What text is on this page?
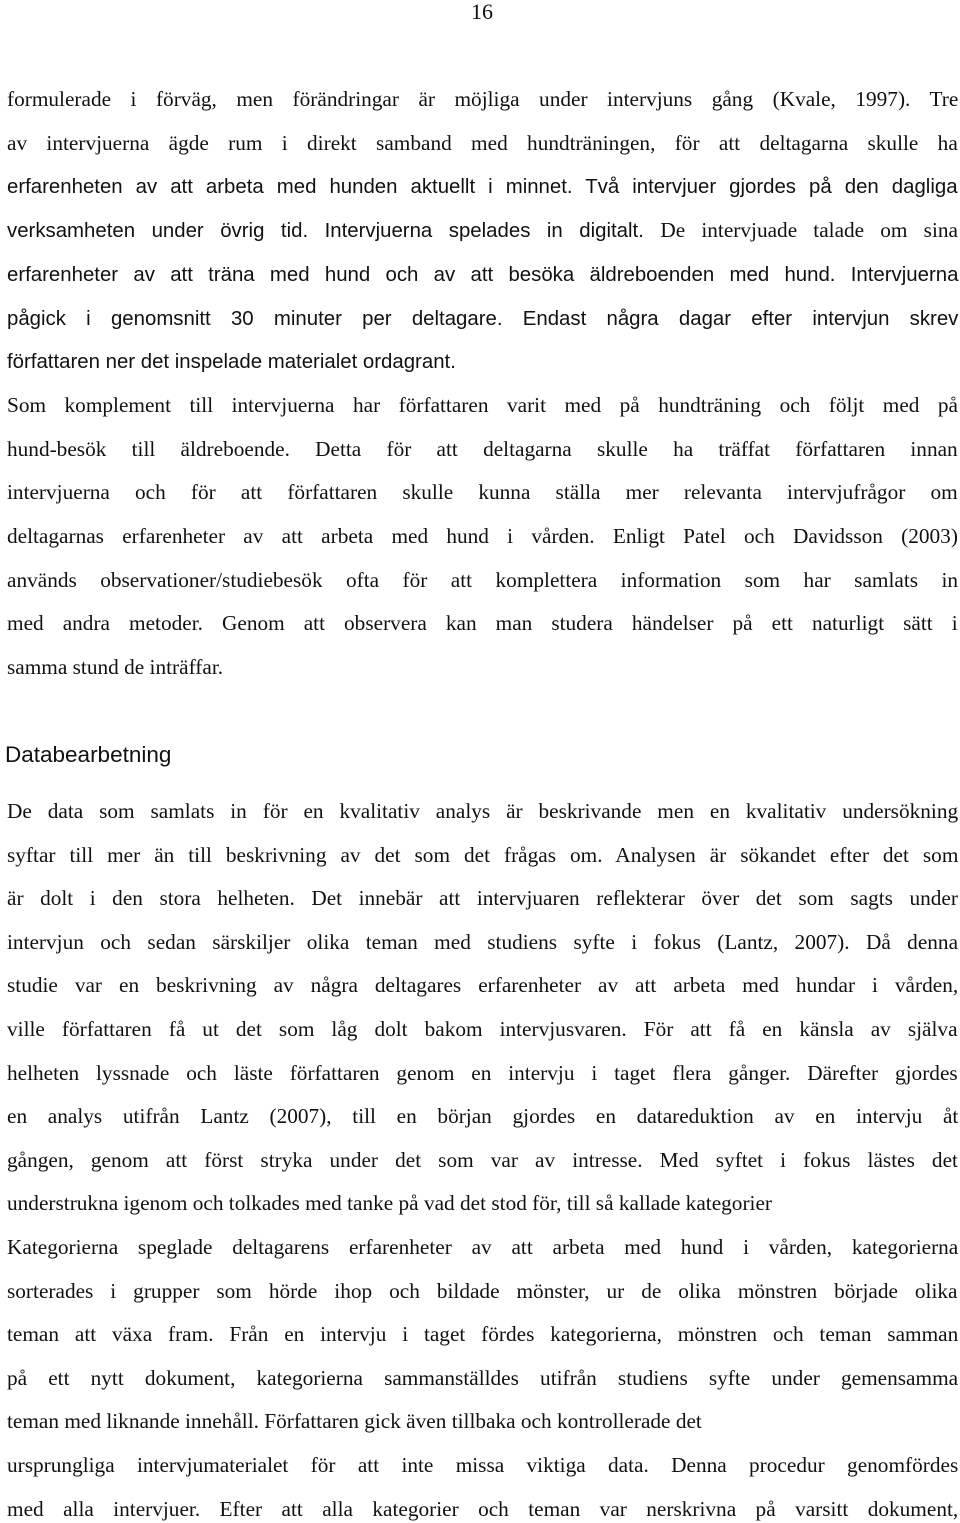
16
formulerade i förväg, men förändringar är möjliga under intervjuns gång (Kvale, 1997). Tre
av intervjuerna ägde rum i direkt samband med hundträningen, för att deltagarna skulle ha
erfarenheten av att arbeta med hunden aktuellt i minnet. Två intervjuer gjordes på den dagliga
verksamheten under övrig tid. Intervjuerna spelades in digitalt. De intervjuade talade om sina
erfarenheter av att träna med hund och av att besöka äldreboenden med hund. Intervjuerna
pågick i genomsnitt 30 minuter per deltagare. Endast några dagar efter intervjun skrev
författaren ner det inspelade materialet ordagrant.
Som komplement till intervjuerna har författaren varit med på hundträning och följt med på
hund-besök till äldreboende. Detta för att deltagarna skulle ha träffat författaren innan
intervjuerna och för att författaren skulle kunna ställa mer relevanta intervjufrågor om
deltagarnas erfarenheter av att arbeta med hund i vården. Enligt Patel och Davidsson (2003)
används observationer/studiebesök ofta för att komplettera information som har samlats in
med andra metoder. Genom att observera kan man studera händelser på ett naturligt sätt i
samma stund de inträffar.
De data som samlats in för en kvalitativ analys är beskrivande men en kvalitativ undersökning
syftar till mer än till beskrivning av det som det frågas om. Analysen är sökandet efter det som
är dolt i den stora helheten. Det innebär att intervjuaren reflekterar över det som sagts under
intervjun och sedan särskiljer olika teman med studiens syfte i fokus (Lantz, 2007). Då denna
studie var en beskrivning av några deltagares erfarenheter av att arbeta med hundar i vården,
ville författaren få ut det som låg dolt bakom intervjusvaren. För att få en känsla av själva
helheten lyssnade och läste författaren genom en intervju i taget flera gånger. Därefter gjordes
en analys utifrån Lantz (2007), till en början gjordes en datareduktion av en intervju åt
gången, genom att först stryka under det som var av intresse. Med syftet i fokus lästes det
understrukna igenom och tolkades med tanke på vad det stod för, till så kallade kategorier
Kategorierna speglade deltagarens erfarenheter av att arbeta med hund i vården, kategorierna
sorterades i grupper som hörde ihop och bildade mönster, ur de olika mönstren började olika
teman att växa fram. Från en intervju i taget fördes kategorierna, mönstren och teman samman
på ett nytt dokument, kategorierna sammanställdes utifrån studiens syfte under gemensamma
teman med liknande innehåll. Författaren gick även tillbaka och kontrollerade det
ursprungliga intervjumaterialet för att inte missa viktiga data. Denna procedur genomfördes
med alla intervjuer. Efter att alla kategorier och teman var nerskrivna på varsitt dokument,
Databearbetning
